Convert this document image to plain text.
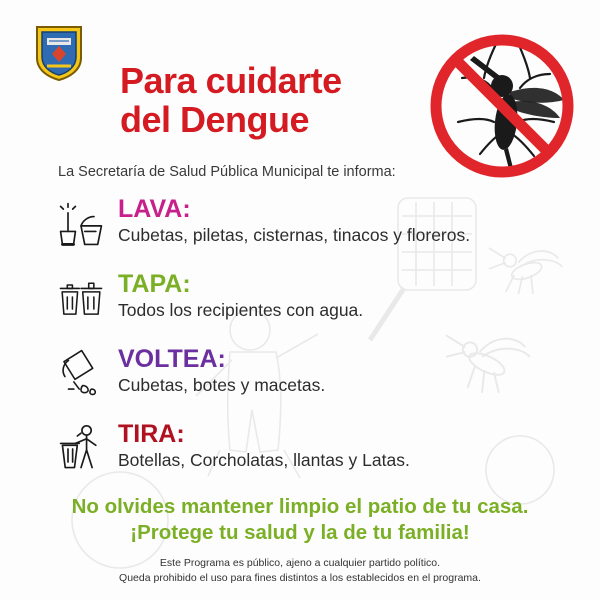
Para cuidarte
del Dengue
La Secretaría de Salud Pública Municipal te informa:
LAVA:
Cubetas, piletas, cisternas, tinacos y floreros.
TAPA:
Todos los recipientes con agua.
VOLTEA:
Cubetas, botes y macetas.
TIRA:
Botellas, Corcholatas, llantas y Latas.
No olvides mantener limpio el patio de tu casa.
¡Protege tu salud y la de tu familia!
Este Programa es público, ajeno a cualquier partido político.
Queda prohibido el uso para fines distintos a los establecidos en el programa.
